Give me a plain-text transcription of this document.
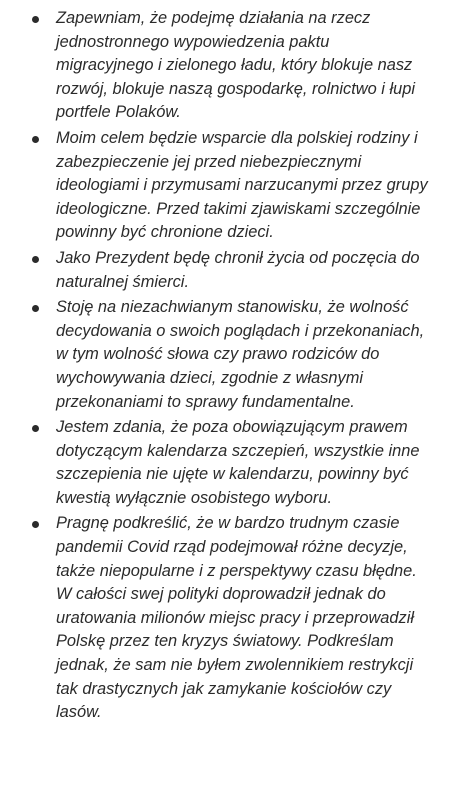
Zapewniam, że podejmę działania na rzecz
jednostronnego wypowiedzenia paktu
migracyjnego i zielonego ładu, który blokuje nasz
rozwój, blokuje naszą gospodarkę, rolnictwo i łupi
portfele Polaków.
Moim celem będzie wsparcie dla polskiej rodziny i
zabezpieczenie jej przed niebezpiecznymi
ideologiami i przymusami narzucanymi przez grupy
ideologiczne. Przed takimi zjawiskami szczególnie
powinny być chronione dzieci.
Jako Prezydent będę chronił życia od poczęcia do
naturalnej śmierci.
Stoję na niezachwianym stanowisku, że wolność
decydowania o swoich poglądach i przekonaniach,
w tym wolność słowa czy prawo rodziców do
wychowywania dzieci, zgodnie z własnymi
przekonaniami to sprawy fundamentalne.
Jestem zdania, że poza obowiązującym prawem
dotyczącym kalendarza szczepień, wszystkie inne
szczepienia nie ujęte w kalendarzu, powinny być
kwestią wyłącznie osobistego wyboru.
Pragnę podkreślić, że w bardzo trudnym czasie
pandemii Covid rząd podejmował różne decyzje,
także niepopularne i z perspektywy czasu błędne.
W całości swej polityki doprowadził jednak do
uratowania milionów miejsc pracy i przeprowadził
Polskę przez ten kryzys światowy. Podkreślam
jednak, że sam nie byłem zwolennikiem restrykcji
tak drastycznych jak zamykanie kościołów czy
lasów.
